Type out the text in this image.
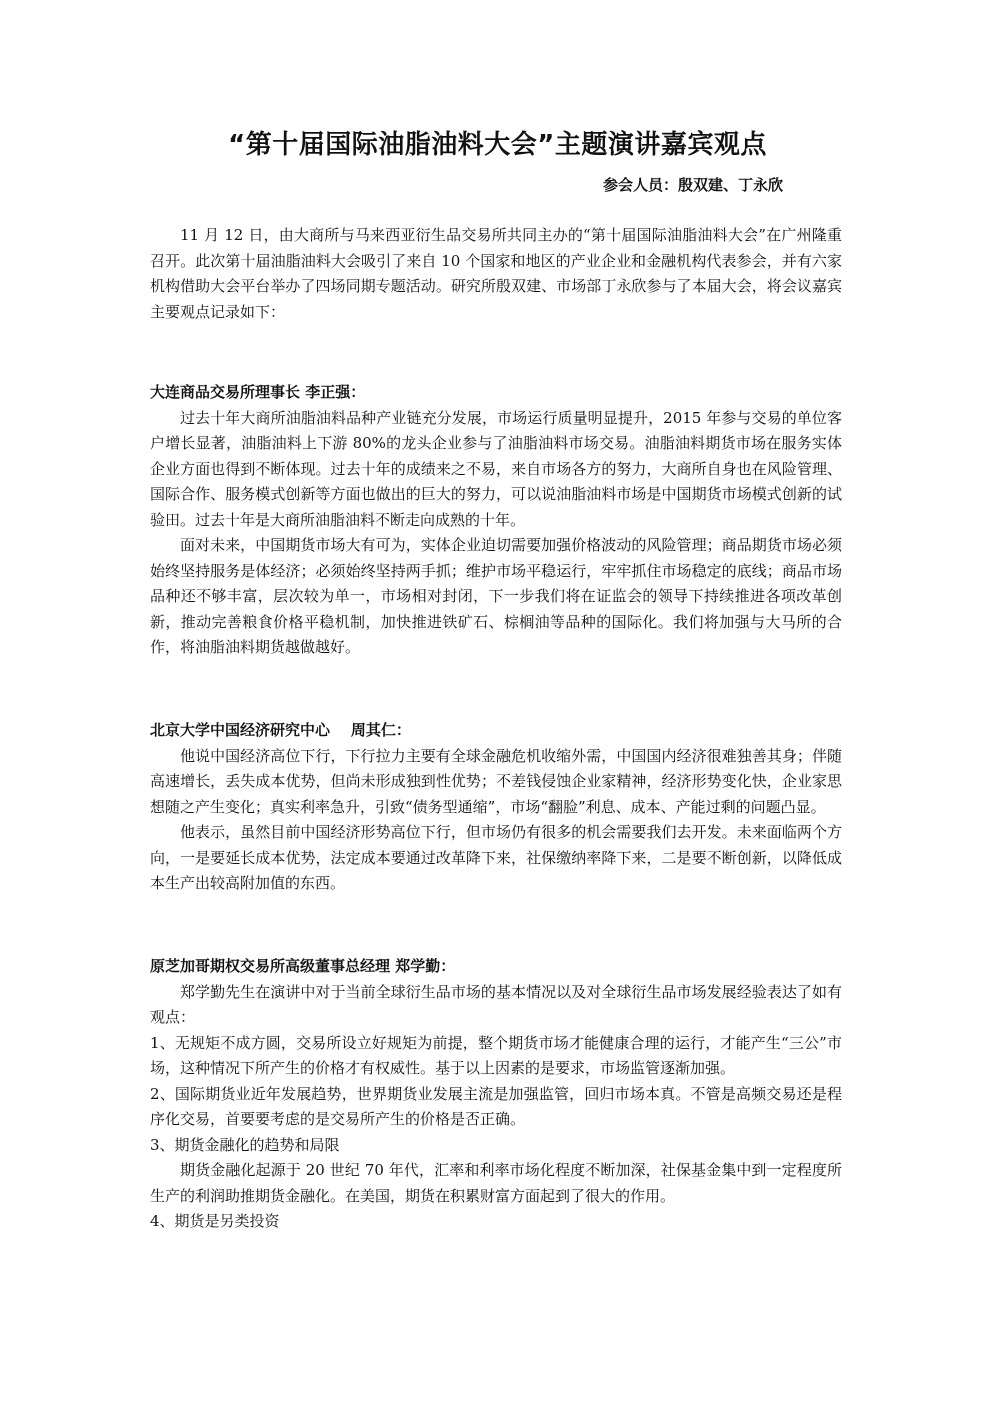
“第十届国际油脂油料大会”主题演讲嘉宾观点
参会人员：殷双建、丁永欣

11 月 12 日，由大商所与马来西亚衍生品交易所共同主办的“第十届国际油脂油料大会”在广州隆重召开。此次第十届油脂油料大会吸引了来自 10 个国家和地区的产业企业和金融机构代表参会，并有六家机构借助大会平台举办了四场同期专题活动。研究所殷双建、市场部丁永欣参与了本届大会，将会议嘉宾主要观点记录如下：

大连商品交易所理事长 李正强：

过去十年大商所油脂油料品种产业链充分发展，市场运行质量明显提升，2015 年参与交易的单位客户增长显著，油脂油料上下游 80%的龙头企业参与了油脂油料市场交易。油脂油料期货市场在服务实体企业方面也得到不断体现。过去十年的成绩来之不易，来自市场各方的努力，大商所自身也在风险管理、国际合作、服务模式创新等方面也做出的巨大的努力，可以说油脂油料市场是中国期货市场模式创新的试验田。过去十年是大商所油脂油料不断走向成熟的十年。

面对未来，中国期货市场大有可为，实体企业迫切需要加强价格波动的风险管理；商品期货市场必须始终坚持服务是体经济；必须始终坚持两手抓；维护市场平稳运行，牢牢抓住市场稳定的底线；商品市场品种还不够丰富，层次较为单一，市场相对封闭，下一步我们将在证监会的领导下持续推进各项改革创新，推动完善粮食价格平稳机制，加快推进铁矿石、棕榈油等品种的国际化。我们将加强与大马所的合作，将油脂油料期货越做越好。

北京大学中国经济研究中心    周其仁：

他说中国经济高位下行，下行拉力主要有全球金融危机收缩外需，中国国内经济很难独善其身；伴随高速增长，丢失成本优势，但尚未形成独到性优势；不差钱侵蚀企业家精神，经济形势变化快，企业家思想随之产生变化；真实利率急升，引致“债务型通缩”，市场“翻脸”利息、成本、产能过剩的问题凸显。

他表示，虽然目前中国经济形势高位下行，但市场仍有很多的机会需要我们去开发。未来面临两个方向，一是要延长成本优势，法定成本要通过改革降下来，社保缴纳率降下来，二是要不断创新，以降低成本生产出较高附加值的东西。

原芝加哥期权交易所高级董事总经理 郑学勤：

郑学勤先生在演讲中对于当前全球衍生品市场的基本情况以及对全球衍生品市场发展经验表达了如有观点：

1、无规矩不成方圆，交易所设立好规矩为前提，整个期货市场才能健康合理的运行，才能产生“三公”市场，这种情况下所产生的价格才有权威性。基于以上因素的是要求，市场监管逐渐加强。

2、国际期货业近年发展趋势，世界期货业发展主流是加强监管，回归市场本真。不管是高频交易还是程序化交易，首要要考虑的是交易所产生的价格是否正确。

3、期货金融化的趋势和局限

期货金融化起源于 20 世纪 70 年代，汇率和利率市场化程度不断加深，社保基金集中到一定程度所生产的利润助推期货金融化。在美国，期货在积累财富方面起到了很大的作用。

4、期货是另类投资
